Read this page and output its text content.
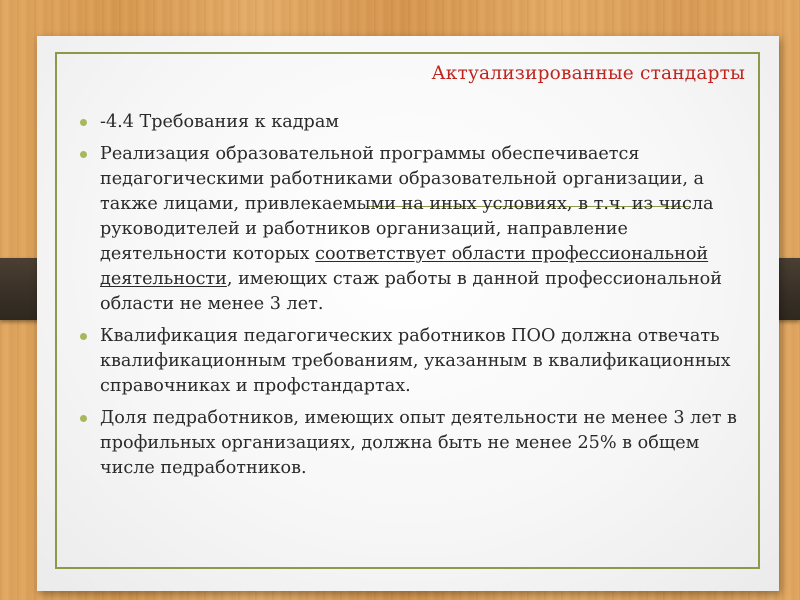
Актуализированные стандарты
-4.4 Требования к кадрам
Реализация образовательной программы обеспечивается педагогическими работниками образовательной организации, а также лицами, привлекаемыми на иных условиях, в т.ч. из числа руководителей и работников организаций, направление деятельности которых соответствует области профессиональной деятельности, имеющих стаж работы в данной профессиональной области не менее 3 лет.
Квалификация педагогических работников ПОО должна отвечать квалификационным требованиям, указанным в квалификационных справочниках и профстандартах.
Доля педработников, имеющих опыт деятельности не менее 3 лет в профильных организациях, должна быть не менее 25% в общем числе педработников.
